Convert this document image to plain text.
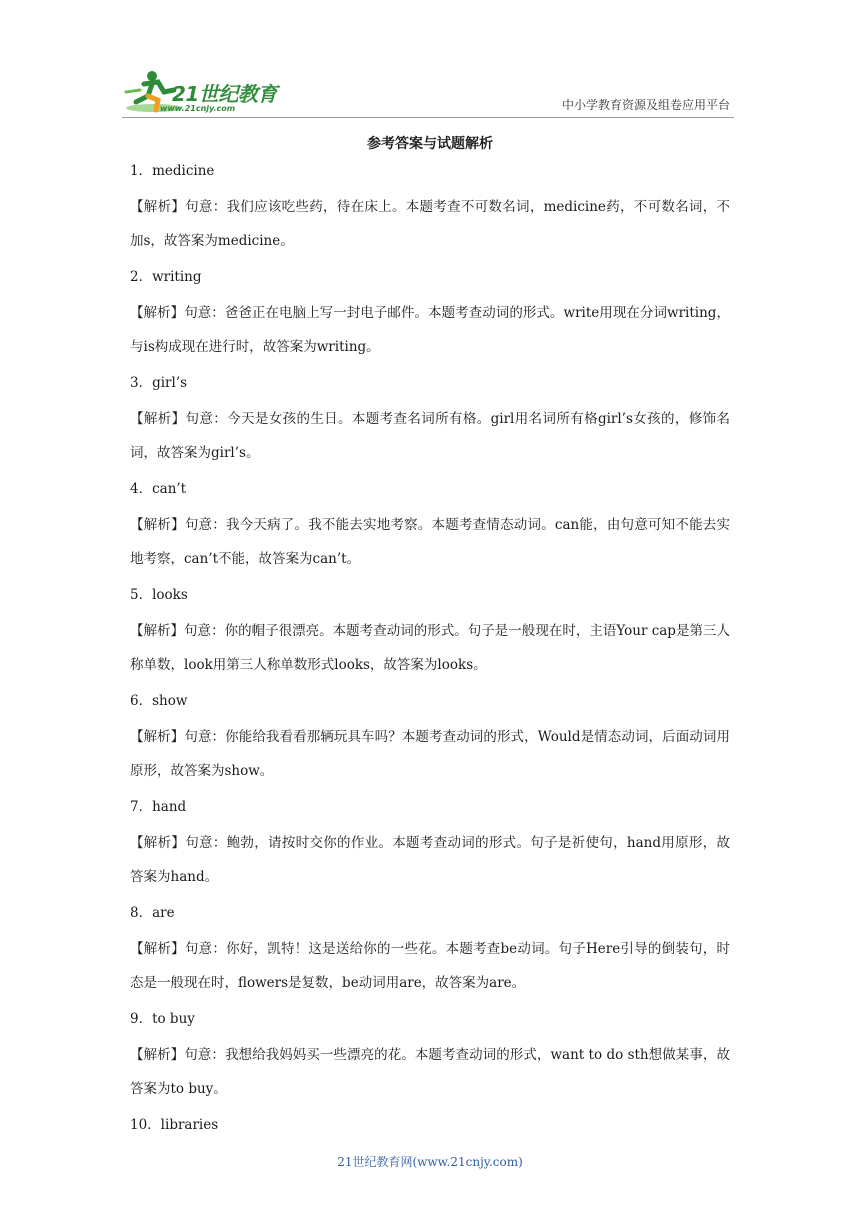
21世纪教育
www.21cnjy.com	中小学教育资源及组卷应用平台
参考答案与试题解析
1．medicine
【解析】句意：我们应该吃些药，待在床上。本题考查不可数名词，medicine药，不可数名词，不加s，故答案为medicine。
2．writing
【解析】句意：爸爸正在电脑上写一封电子邮件。本题考查动词的形式。write用现在分词writing，与is构成现在进行时，故答案为writing。
3．girl’s
【解析】句意：今天是女孩的生日。本题考查名词所有格。girl用名词所有格girl’s女孩的，修饰名词，故答案为girl’s。
4．can’t
【解析】句意：我今天病了。我不能去实地考察。本题考查情态动词。can能，由句意可知不能去实地考察，can’t不能，故答案为can’t。
5．looks
【解析】句意：你的帽子很漂亮。本题考查动词的形式。句子是一般现在时，主语Your cap是第三人称单数，look用第三人称单数形式looks，故答案为looks。
6．show
【解析】句意：你能给我看看那辆玩具车吗？本题考查动词的形式，Would是情态动词，后面动词用原形，故答案为show。
7．hand
【解析】句意：鲍勃，请按时交你的作业。本题考查动词的形式。句子是祈使句，hand用原形，故答案为hand。
8．are
【解析】句意：你好，凯特！这是送给你的一些花。本题考查be动词。句子Here引导的倒装句，时态是一般现在时，flowers是复数，be动词用are，故答案为are。
9．to buy
【解析】句意：我想给我妈妈买一些漂亮的花。本题考查动词的形式，want to do sth想做某事，故答案为to buy。
10．libraries
21世纪教育网(www.21cnjy.com)
